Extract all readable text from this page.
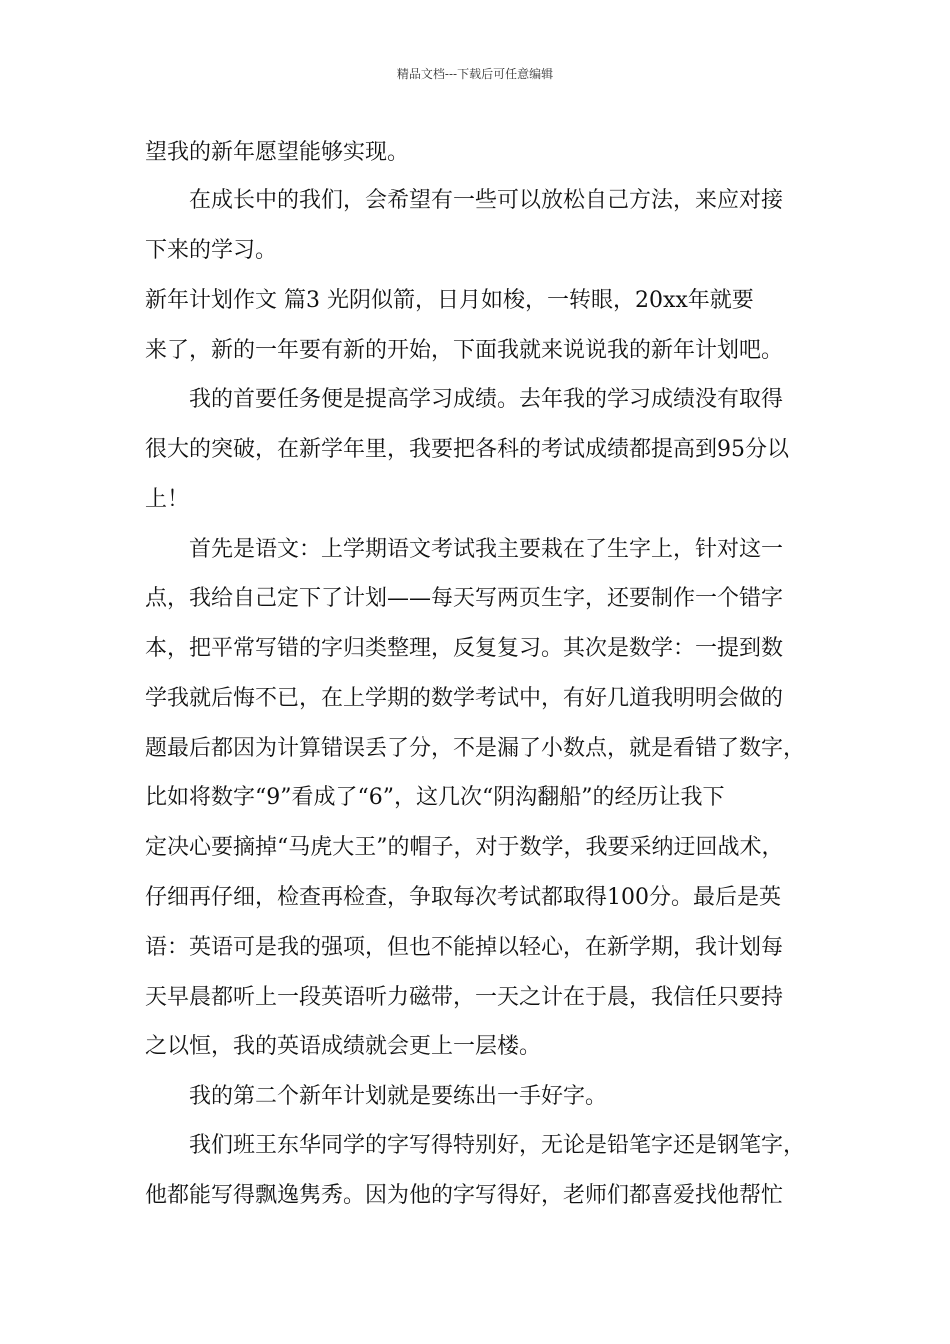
精品文档---下载后可任意编辑
望我的新年愿望能够实现。
在成长中的我们，会希望有一些可以放松自己方法，来应对接
下来的学习。
新年计划作文 篇3 光阴似箭，日月如梭，一转眼，20xx年就要
来了，新的一年要有新的开始，下面我就来说说我的新年计划吧。
我的首要任务便是提高学习成绩。去年我的学习成绩没有取得
很大的突破，在新学年里，我要把各科的考试成绩都提高到95分以
上！
首先是语文：上学期语文考试我主要栽在了生字上，针对这一
点，我给自己定下了计划——每天写两页生字，还要制作一个错字
本，把平常写错的字归类整理，反复复习。其次是数学：一提到数
学我就后悔不已，在上学期的数学考试中，有好几道我明明会做的
题最后都因为计算错误丢了分，不是漏了小数点，就是看错了数字，
比如将数字“9”看成了“6”，这几次“阴沟翻船”的经历让我下
定决心要摘掉“马虎大王”的帽子，对于数学，我要采纳迂回战术，
仔细再仔细，检查再检查，争取每次考试都取得100分。最后是英
语：英语可是我的强项，但也不能掉以轻心，在新学期，我计划每
天早晨都听上一段英语听力磁带，一天之计在于晨，我信任只要持
之以恒，我的英语成绩就会更上一层楼。
我的第二个新年计划就是要练出一手好字。
我们班王东华同学的字写得特别好，无论是铅笔字还是钢笔字，
他都能写得飘逸隽秀。因为他的字写得好，老师们都喜爱找他帮忙
